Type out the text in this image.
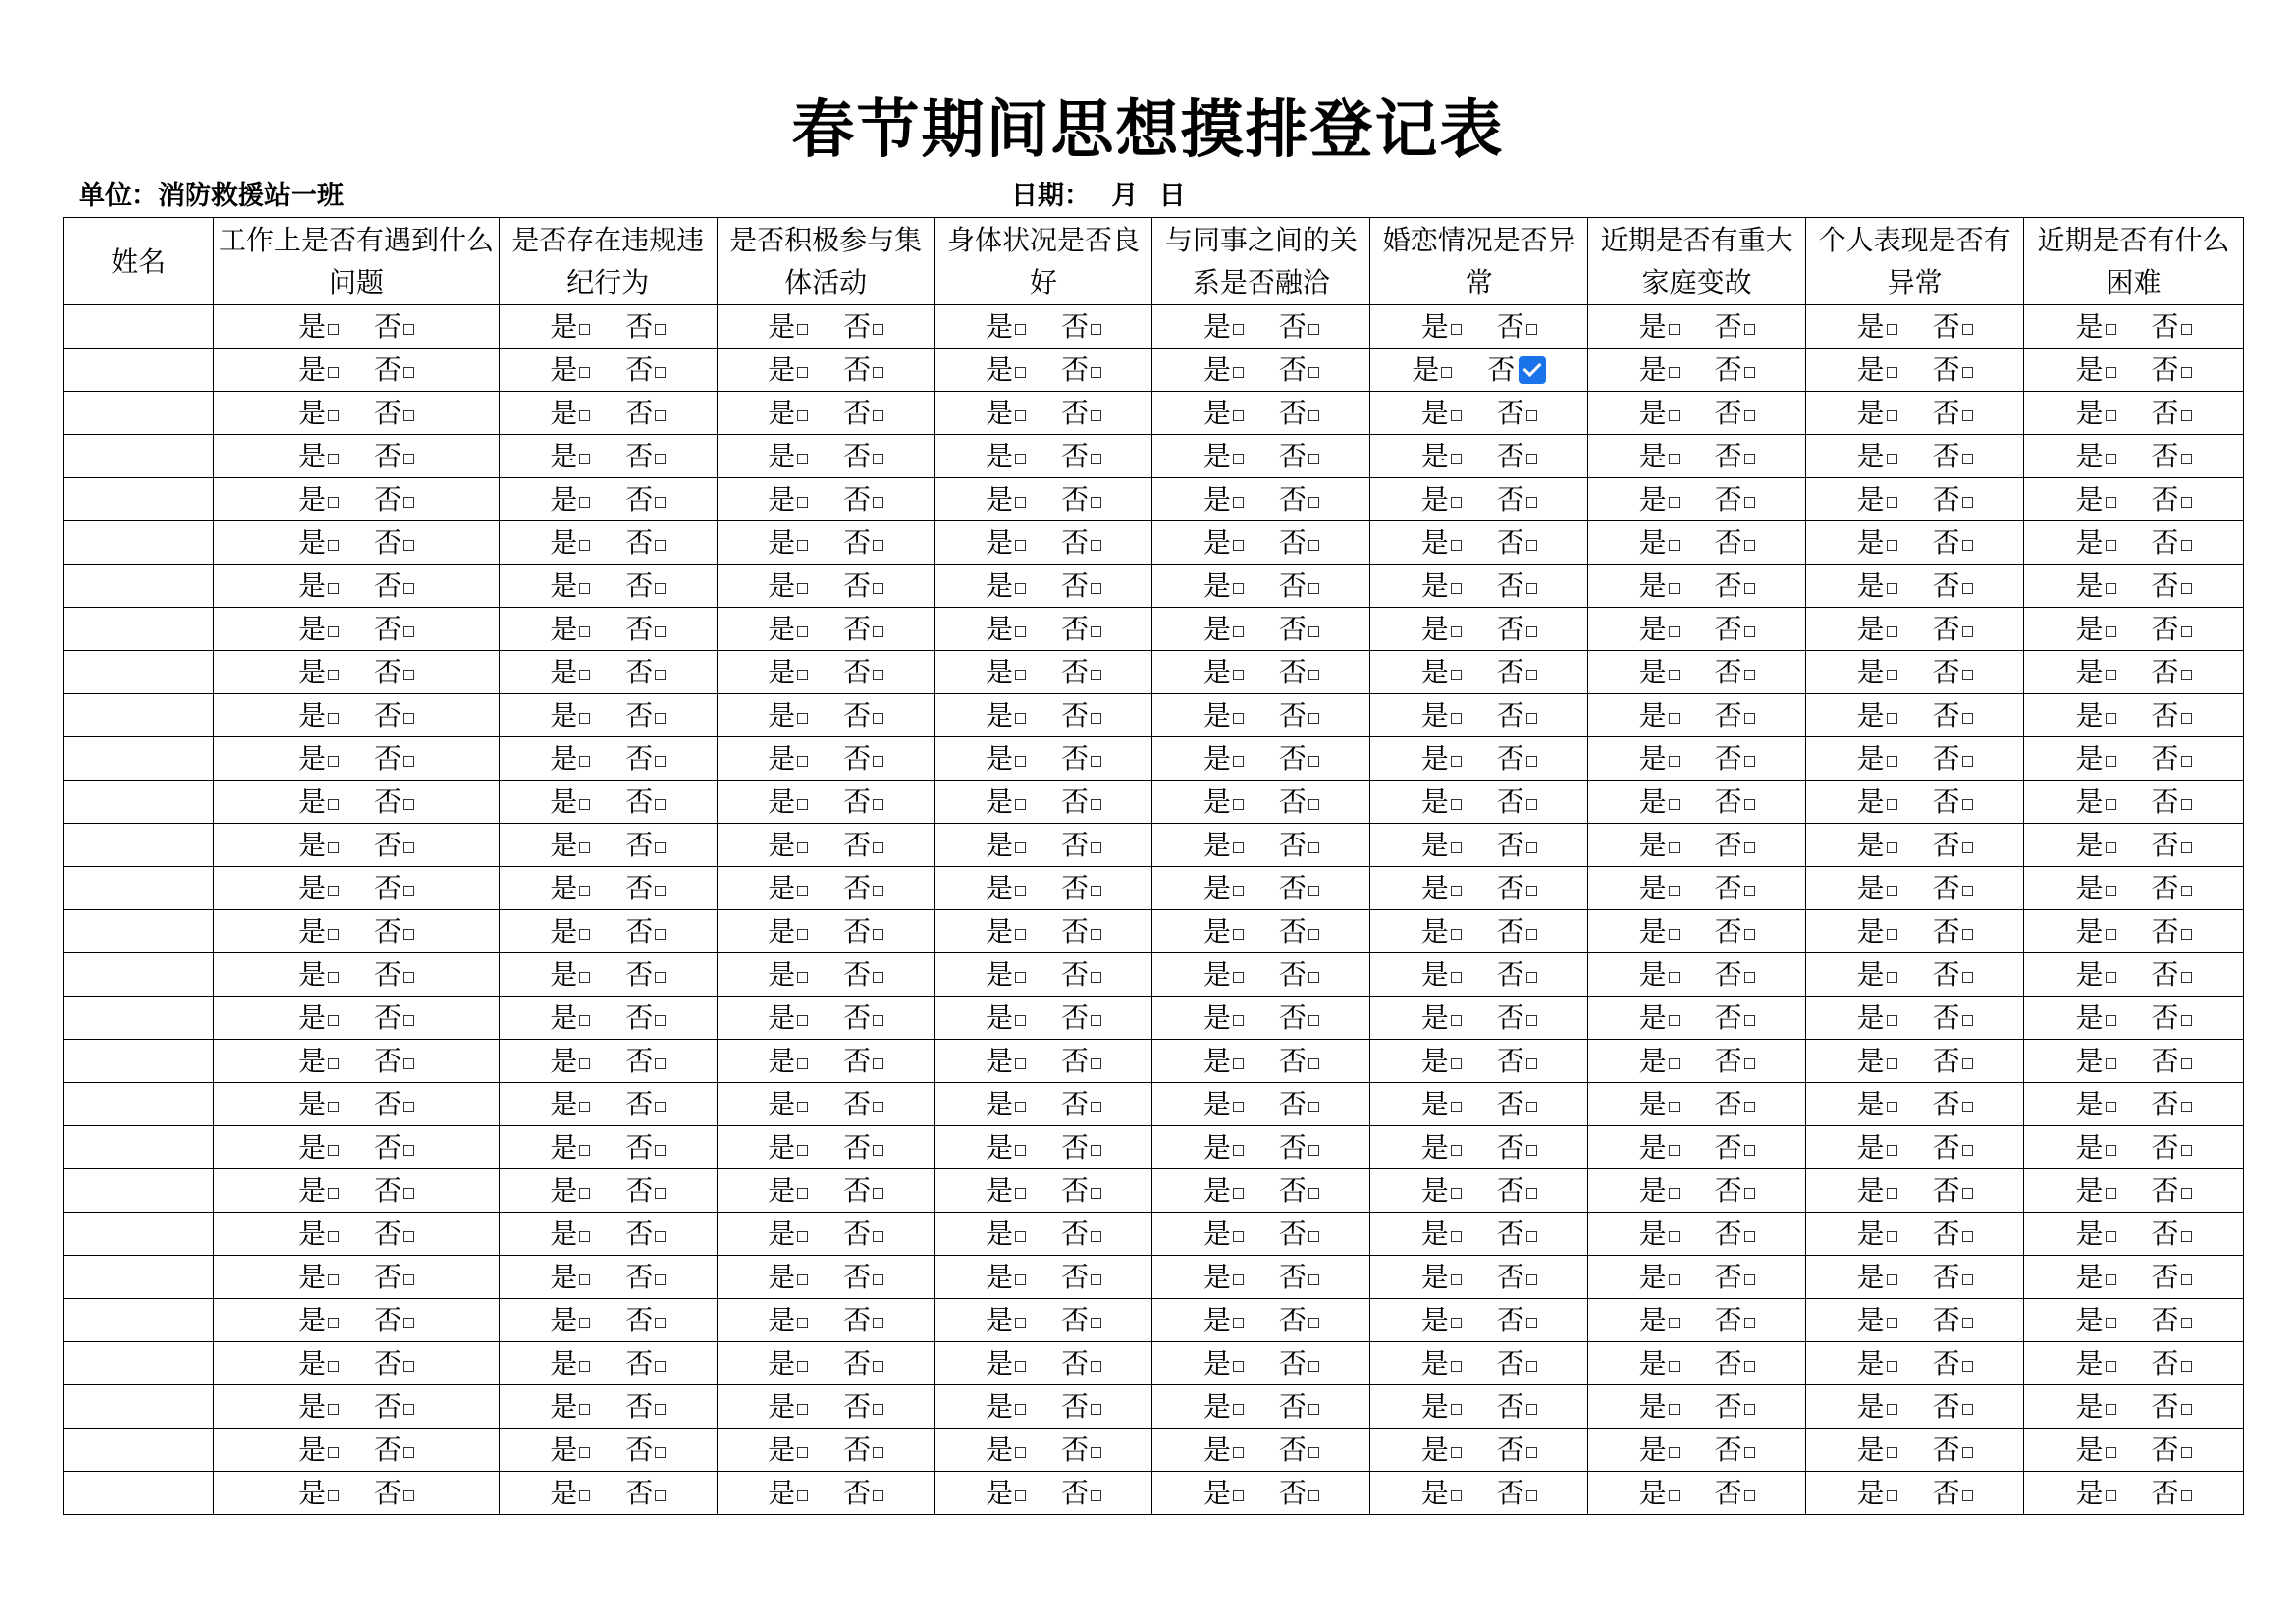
春节期间思想摸排登记表
单位：消防救援站一班	日期： 月 日
姓名	工作上是否有遇到什么问题	是否存在违规违纪行为	是否积极参与集体活动	身体状况是否良好	与同事之间的关系是否融洽	婚恋情况是否异常	近期是否有重大家庭变故	个人表现是否有异常	近期是否有什么困难

	是 否	是 否	是 否	是 否	是 否	是 否	是 否	是 否	是 否

	是 否	是 否	是 否	是 否	是 否	是 否	是 否	是 否	是 否

	是 否	是 否	是 否	是 否	是 否	是 否	是 否	是 否	是 否

	是 否	是 否	是 否	是 否	是 否	是 否	是 否	是 否	是 否

	是 否	是 否	是 否	是 否	是 否	是 否	是 否	是 否	是 否

	是 否	是 否	是 否	是 否	是 否	是 否	是 否	是 否	是 否

	是 否	是 否	是 否	是 否	是 否	是 否	是 否	是 否	是 否

	是 否	是 否	是 否	是 否	是 否	是 否	是 否	是 否	是 否

	是 否	是 否	是 否	是 否	是 否	是 否	是 否	是 否	是 否

	是 否	是 否	是 否	是 否	是 否	是 否	是 否	是 否	是 否

	是 否	是 否	是 否	是 否	是 否	是 否	是 否	是 否	是 否

	是 否	是 否	是 否	是 否	是 否	是 否	是 否	是 否	是 否

	是 否	是 否	是 否	是 否	是 否	是 否	是 否	是 否	是 否

	是 否	是 否	是 否	是 否	是 否	是 否	是 否	是 否	是 否

	是 否	是 否	是 否	是 否	是 否	是 否	是 否	是 否	是 否

	是 否	是 否	是 否	是 否	是 否	是 否	是 否	是 否	是 否

	是 否	是 否	是 否	是 否	是 否	是 否	是 否	是 否	是 否

	是 否	是 否	是 否	是 否	是 否	是 否	是 否	是 否	是 否

	是 否	是 否	是 否	是 否	是 否	是 否	是 否	是 否	是 否

	是 否	是 否	是 否	是 否	是 否	是 否	是 否	是 否	是 否

	是 否	是 否	是 否	是 否	是 否	是 否	是 否	是 否	是 否

	是 否	是 否	是 否	是 否	是 否	是 否	是 否	是 否	是 否

	是 否	是 否	是 否	是 否	是 否	是 否	是 否	是 否	是 否

	是 否	是 否	是 否	是 否	是 否	是 否	是 否	是 否	是 否

	是 否	是 否	是 否	是 否	是 否	是 否	是 否	是 否	是 否

	是 否	是 否	是 否	是 否	是 否	是 否	是 否	是 否	是 否

	是 否	是 否	是 否	是 否	是 否	是 否	是 否	是 否	是 否

	是 否	是 否	是 否	是 否	是 否	是 否	是 否	是 否	是 否
